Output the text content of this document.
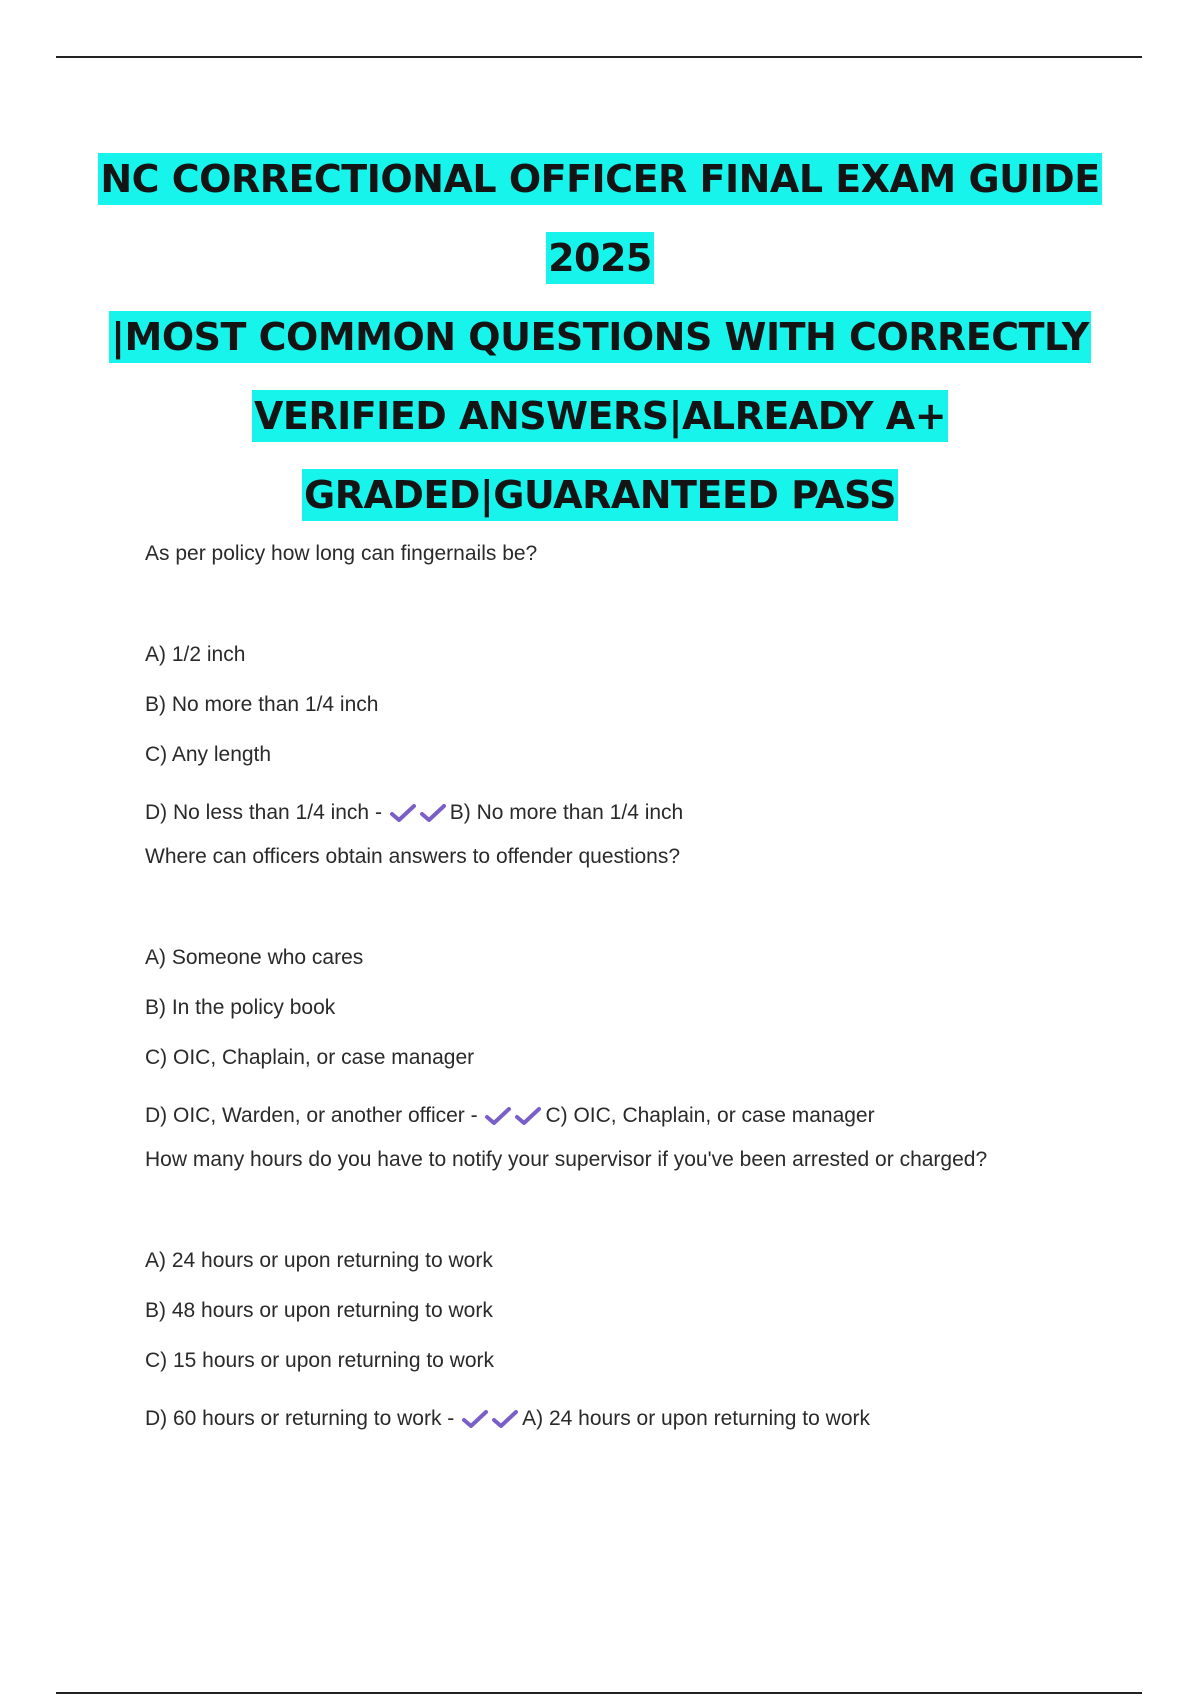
NC CORRECTIONAL OFFICER FINAL EXAM GUIDE
2025
|MOST COMMON QUESTIONS WITH CORRECTLY
VERIFIED ANSWERS|ALREADY A+
GRADED|GUARANTEED PASS
As per policy how long can fingernails be?
A) 1/2 inch
B) No more than 1/4 inch
C) Any length
D) No less than 1/4 inch -
	B) No more than 1/4 inch
Where can officers obtain answers to offender questions?
A) Someone who cares
B) In the policy book
C) OIC, Chaplain, or case manager
D) OIC, Warden, or another officer -
	C) OIC, Chaplain, or case manager
How many hours do you have to notify your supervisor if you've been arrested or charged?
A) 24 hours or upon returning to work
B) 48 hours or upon returning to work
C) 15 hours or upon returning to work
D) 60 hours or returning to work -
	A) 24 hours or upon returning to work
